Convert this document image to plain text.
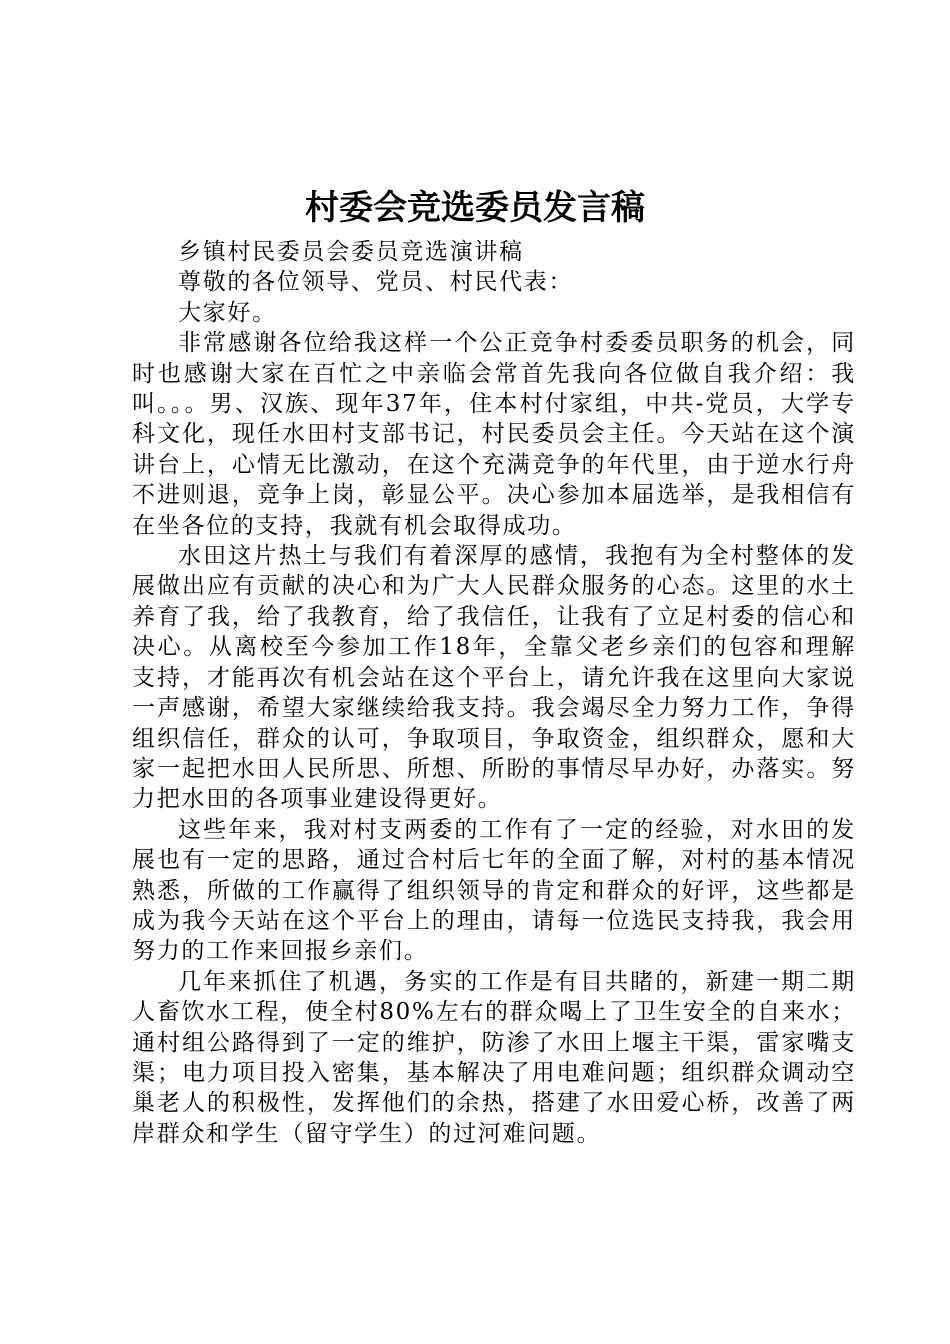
村委会竞选委员发言稿

乡镇村民委员会委员竞选演讲稿

尊敬的各位领导、党员、村民代表：

大家好。

非常感谢各位给我这样一个公正竞争村委委员职务的机会，同时也感谢大家在百忙之中亲临会常首先我向各位做自我介绍：我叫。。。男、汉族、现年37年，住本村付家组，中共-党员，大学专科文化，现任水田村支部书记，村民委员会主任。今天站在这个演讲台上，心情无比激动，在这个充满竞争的年代里，由于逆水行舟不进则退，竞争上岗，彰显公平。决心参加本届选举，是我相信有在坐各位的支持，我就有机会取得成功。

水田这片热土与我们有着深厚的感情，我抱有为全村整体的发展做出应有贡献的决心和为广大人民群众服务的心态。这里的水土养育了我，给了我教育，给了我信任，让我有了立足村委的信心和决心。从离校至今参加工作18年，全靠父老乡亲们的包容和理解支持，才能再次有机会站在这个平台上，请允许我在这里向大家说一声感谢，希望大家继续给我支持。我会竭尽全力努力工作，争得组织信任，群众的认可，争取项目，争取资金，组织群众，愿和大家一起把水田人民所思、所想、所盼的事情尽早办好，办落实。努力把水田的各项事业建设得更好。

这些年来，我对村支两委的工作有了一定的经验，对水田的发展也有一定的思路，通过合村后七年的全面了解，对村的基本情况熟悉，所做的工作赢得了组织领导的肯定和群众的好评，这些都是成为我今天站在这个平台上的理由，请每一位选民支持我，我会用努力的工作来回报乡亲们。

几年来抓住了机遇，务实的工作是有目共睹的，新建一期二期人畜饮水工程，使全村80%左右的群众喝上了卫生安全的自来水；通村组公路得到了一定的维护，防渗了水田上堰主干渠，雷家嘴支渠；电力项目投入密集，基本解决了用电难问题；组织群众调动空巢老人的积极性，发挥他们的余热，搭建了水田爱心桥，改善了两岸群众和学生（留守学生）的过河难问题。
